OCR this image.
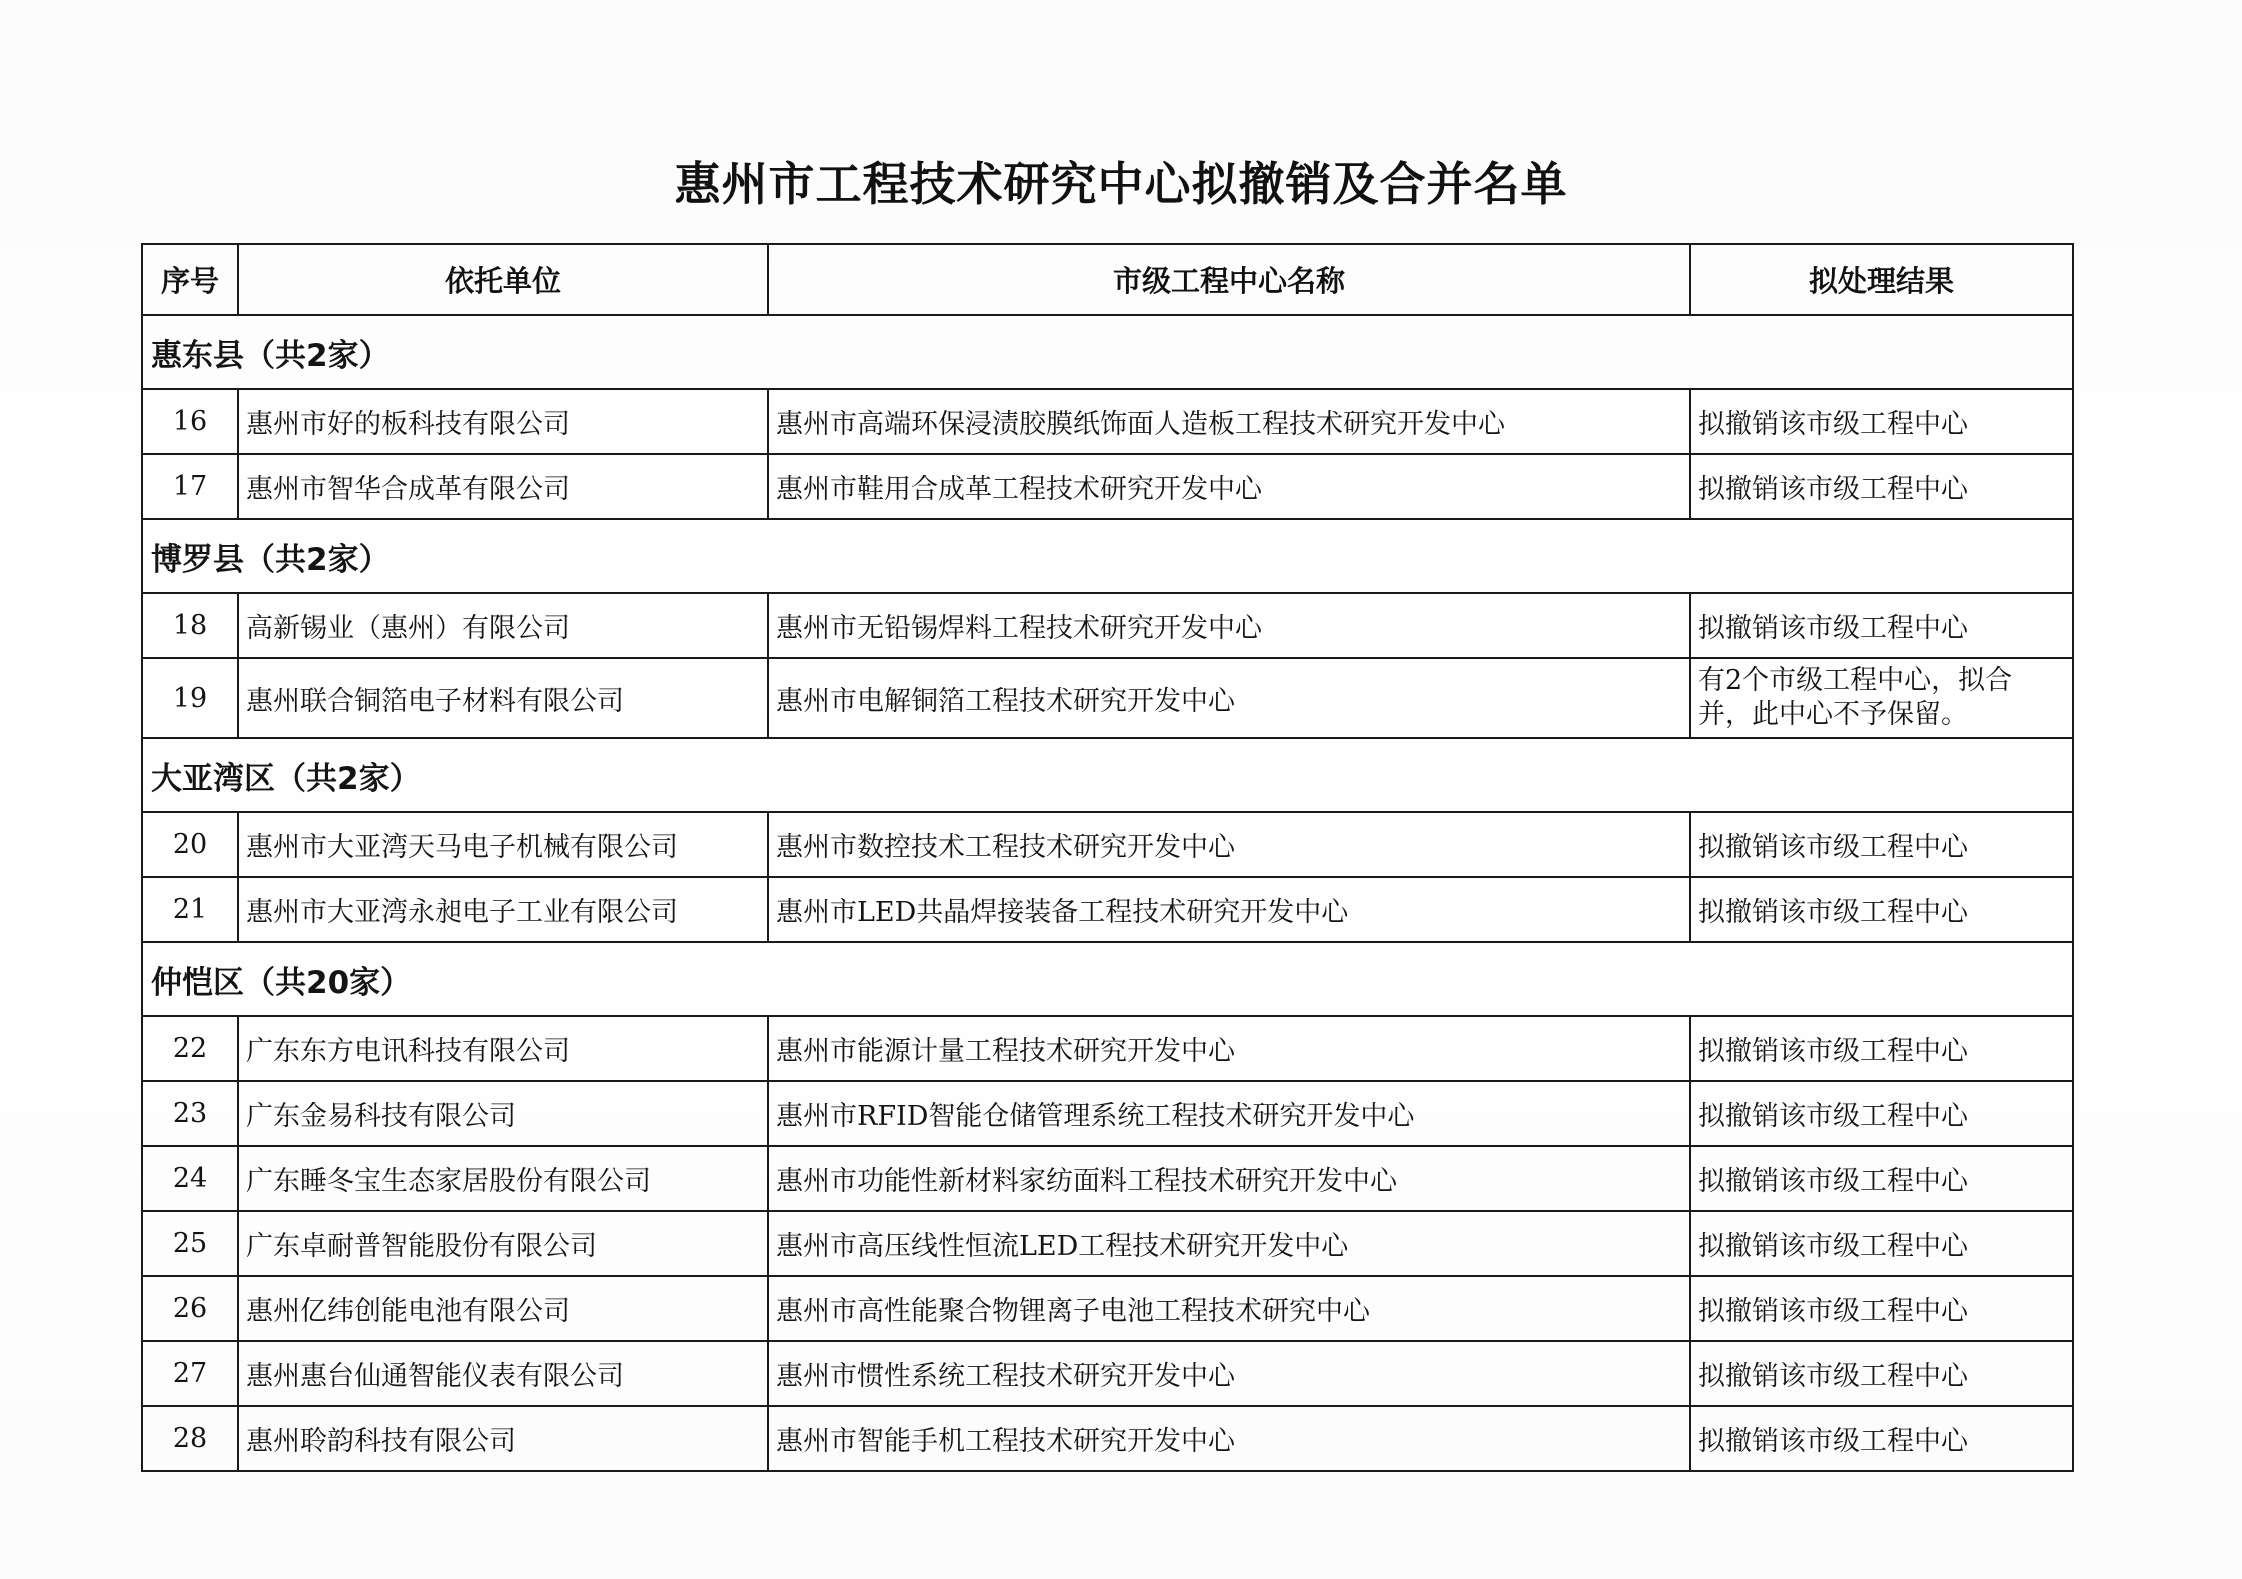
惠州市工程技术研究中心拟撤销及合并名单
序号	依托单位	市级工程中心名称	拟处理结果
惠东县（共2家）			
16	惠州市好的板科技有限公司	惠州市高端环保浸渍胶膜纸饰面人造板工程技术研究开发中心	拟撤销该市级工程中心
17	惠州市智华合成革有限公司	惠州市鞋用合成革工程技术研究开发中心	拟撤销该市级工程中心
博罗县（共2家）			
18	高新锡业（惠州）有限公司	惠州市无铅锡焊料工程技术研究开发中心	拟撤销该市级工程中心
19	惠州联合铜箔电子材料有限公司	惠州市电解铜箔工程技术研究开发中心	有2个市级工程中心，拟合并，此中心不予保留。
大亚湾区（共2家）			
20	惠州市大亚湾天马电子机械有限公司	惠州市数控技术工程技术研究开发中心	拟撤销该市级工程中心
21	惠州市大亚湾永昶电子工业有限公司	惠州市LED共晶焊接装备工程技术研究开发中心	拟撤销该市级工程中心
仲恺区（共20家）			
22	广东东方电讯科技有限公司	惠州市能源计量工程技术研究开发中心	拟撤销该市级工程中心
23	广东金易科技有限公司	惠州市RFID智能仓储管理系统工程技术研究开发中心	拟撤销该市级工程中心
24	广东睡冬宝生态家居股份有限公司	惠州市功能性新材料家纺面料工程技术研究开发中心	拟撤销该市级工程中心
25	广东卓耐普智能股份有限公司	惠州市高压线性恒流LED工程技术研究开发中心	拟撤销该市级工程中心
26	惠州亿纬创能电池有限公司	惠州市高性能聚合物锂离子电池工程技术研究中心	拟撤销该市级工程中心
27	惠州惠台仙通智能仪表有限公司	惠州市惯性系统工程技术研究开发中心	拟撤销该市级工程中心
28	惠州聆韵科技有限公司	惠州市智能手机工程技术研究开发中心	拟撤销该市级工程中心
